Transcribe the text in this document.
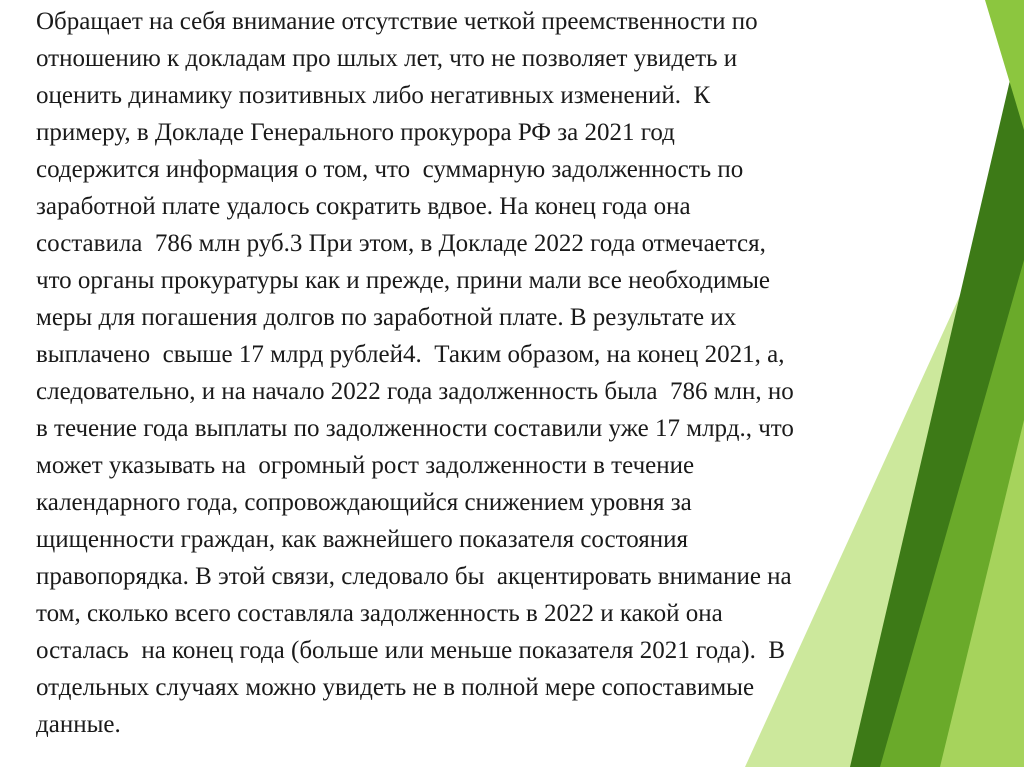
Обращает на себя внимание отсутствие четкой преемственности по

отношению к докладам про шлых лет, что не позволяет увидеть и

оценить динамику позитивных либо негативных изменений.  К

примеру, в Докладе Генерального прокурора РФ за 2021 год

содержится информация о том, что  суммарную задолженность по

заработной плате удалось сократить вдвое. На конец года она

составила  786 млн руб.3 При этом, в Докладе 2022 года отмечается,

что органы прокуратуры как и прежде, прини мали все необходимые

меры для погашения долгов по заработной плате. В результате их

выплачено  свыше 17 млрд рублей4.  Таким образом, на конец 2021, а,

следовательно, и на начало 2022 года задолженность была  786 млн, но

в течение года выплаты по задолженности составили уже 17 млрд., что

может указывать на  огромный рост задолженности в течение

календарного года, сопровождающийся снижением уровня за

щищенности граждан, как важнейшего показателя состояния

правопорядка. В этой связи, следовало бы  акцентировать внимание на

том, сколько всего составляла задолженность в 2022 и какой она

осталась  на конец года (больше или меньше показателя 2021 года).  В

отдельных случаях можно увидеть не в полной мере сопоставимые

данные.
